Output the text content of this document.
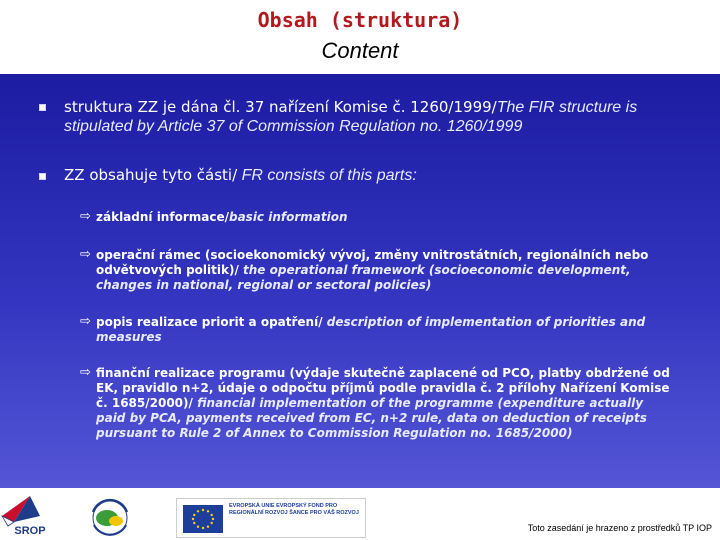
Obsah (struktura)
Content
struktura ZZ je dána čl. 37 nařízení Komise č. 1260/1999/The FIR structure is stipulated by Article 37 of Commission Regulation no. 1260/1999
ZZ obsahuje tyto části/ FR consists of this parts:
⇨ základní informace/basic information
⇨ operační rámec (socioekonomický vývoj, změny vnitrostátních, regionálních nebo odvětvových politik)/ the operational framework (socioeconomic development, changes in national, regional or sectoral policies)
⇨ popis realizace priorit a opatření/ description of implementation of priorities and measures
⇨ finanční realizace programu (výdaje skutečně zaplacené od PCO, platby obdržené od EK, pravidlo n+2, údaje o odpočtu příjmů podle pravidla č. 2 přílohy Nařízení Komise č. 1685/2000)/ financial implementation of the programme (expenditure actually paid by PCA, payments received from EC, n+2 rule, data on deduction of receipts pursuant to Rule 2 of Annex to Commission Regulation no. 1685/2000)
SROP
EVROPSKÁ UNIE EVROPSKÝ FOND PRO REGIONÁLNÍ ROZVOJ ŠANCE PRO VÁŠ ROZVOJ
Toto zasedání je hrazeno z prostředků TP IOP
